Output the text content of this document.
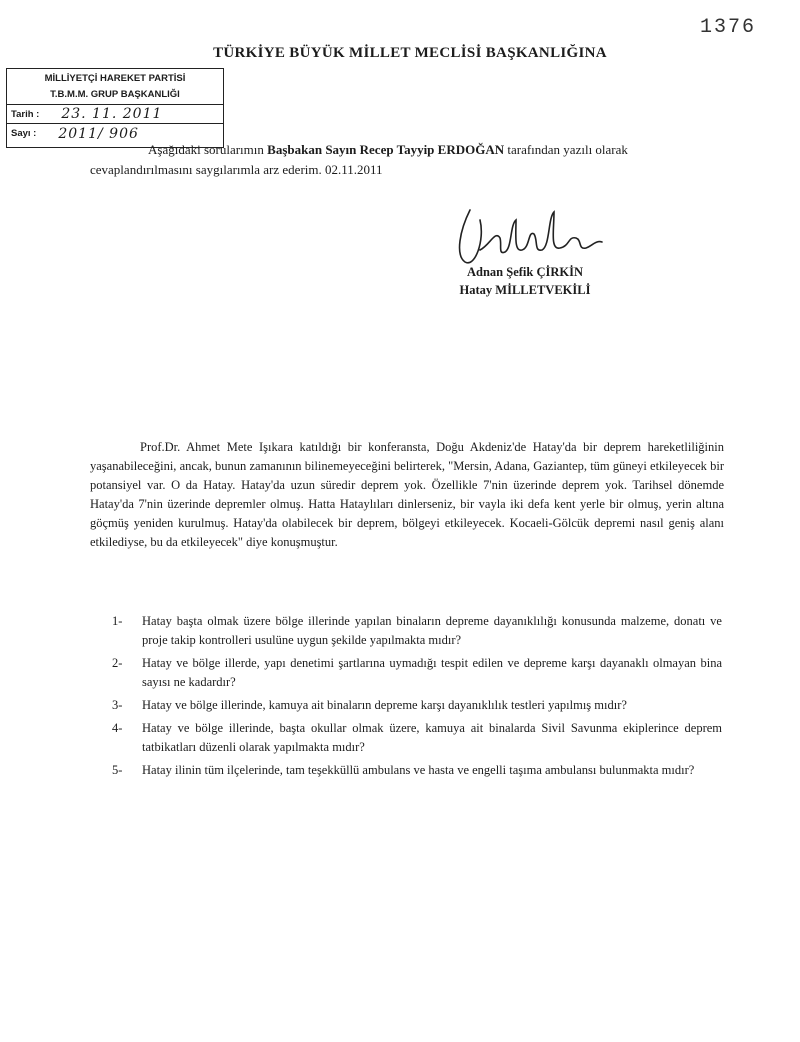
1376
TÜRKİYE BÜYÜK MİLLET MECLİSİ BAŞKANLIĞINA
MİLLİYETÇİ HAREKET PARTİSİ
T.B.M.M. GRUP BAŞKANLIĞI
Tarih : 23. 11. 2011
Sayı : 2011/ 906
Aşağıdaki sorularımın Başbakan Sayın Recep Tayyip ERDOĞAN tarafından yazılı olarak cevaplandırılmasını saygılarımla arz ederim. 02.11.2011
Adnan Şefik ÇİRKİN
Hatay MİLLETVEKİLİ

Prof.Dr. Ahmet Mete Işıkara katıldığı bir konferansta, Doğu Akdeniz'de Hatay'da bir deprem hareketliliğinin yaşanabileceğini, ancak, bunun zamanının bilinemeyeceğini belirterek, "Mersin, Adana, Gaziantep, tüm güneyi etkileyecek bir potansiyel var. O da Hatay. Hatay'da uzun süredir deprem yok. Özellikle 7'nin üzerinde deprem yok. Tarihsel dönemde Hatay'da 7'nin üzerinde depremler olmuş. Hatta Hataylıları dinlerseniz, bir vayla iki defa kent yerle bir olmuş, yerin altına göçmüş yeniden kurulmuş. Hatay'da olabilecek bir deprem, bölgeyi etkileyecek. Kocaeli-Gölcük depremi nasıl geniş alanı etkilediyse, bu da etkileyecek" diye konuşmuştur.

1-	Hatay başta olmak üzere bölge illerinde yapılan binaların depreme dayanıklılığı konusunda malzeme, donatı ve proje takip kontrolleri usulüne uygun şekilde yapılmakta mıdır?
2-	Hatay ve bölge illerde, yapı denetimi şartlarına uymadığı tespit edilen ve depreme karşı dayanaklı olmayan bina sayısı ne kadardır?
3-	Hatay ve bölge illerinde, kamuya ait binaların depreme karşı dayanıklılık testleri yapılmış mıdır?
4-	Hatay ve bölge illerinde, başta okullar olmak üzere, kamuya ait binalarda Sivil Savunma ekiplerince deprem tatbikatları düzenli olarak yapılmakta mıdır?
5-	Hatay ilinin tüm ilçelerinde, tam teşekküllü ambulans ve hasta ve engelli taşıma ambulansı bulunmakta mıdır?
